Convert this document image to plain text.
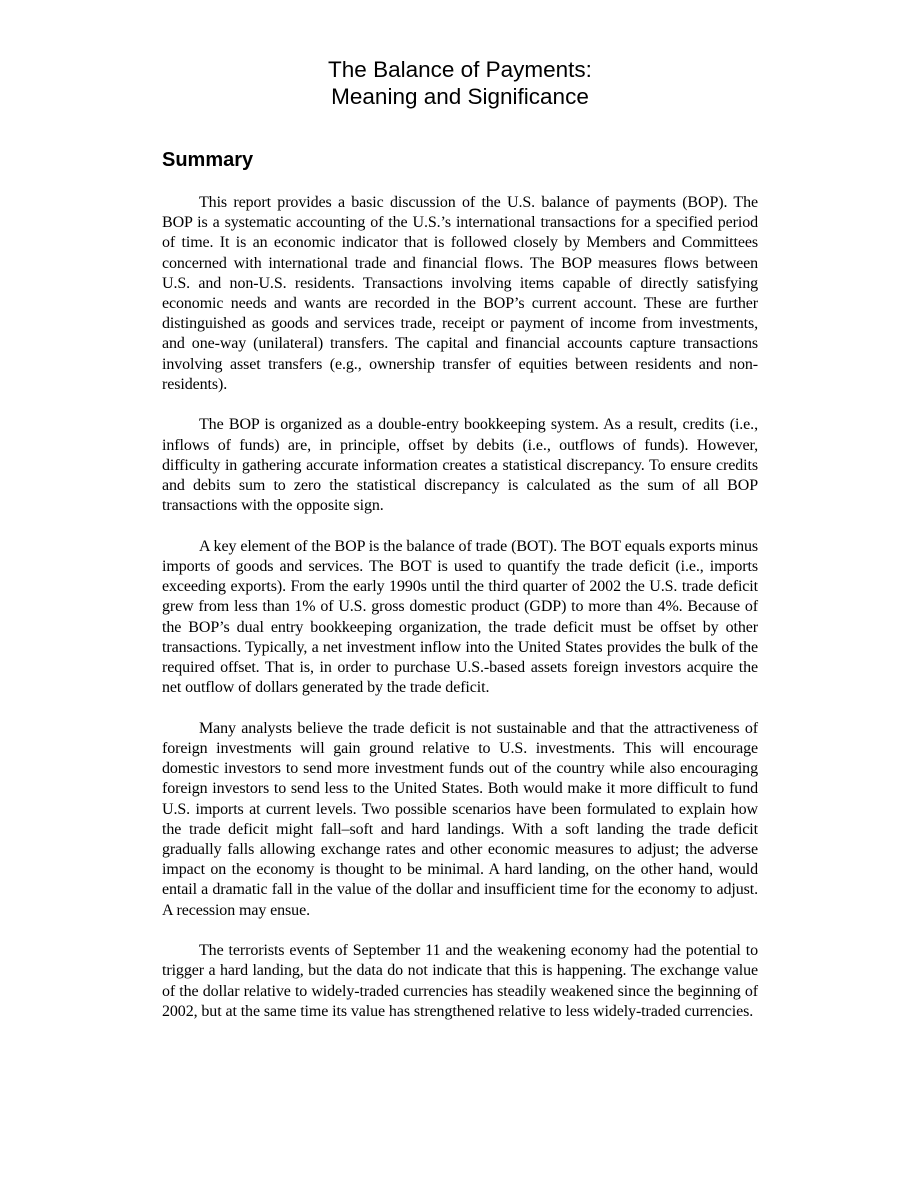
The Balance of Payments:
Meaning and Significance
Summary

This report provides a basic discussion of the U.S. balance of payments (BOP). The BOP is a systematic accounting of the U.S.’s international transactions for a specified period of time. It is an economic indicator that is followed closely by Members and Committees concerned with international trade and financial flows. The BOP measures flows between U.S. and non-U.S. residents. Transactions involving items capable of directly satisfying economic needs and wants are recorded in the BOP’s current account. These are further distinguished as goods and services trade, receipt or payment of income from investments, and one-way (unilateral) transfers. The capital and financial accounts capture transactions involving asset transfers (e.g., ownership transfer of equities between residents and non-residents).

The BOP is organized as a double-entry bookkeeping system. As a result, credits (i.e., inflows of funds) are, in principle, offset by debits (i.e., outflows of funds). However, difficulty in gathering accurate information creates a statistical discrepancy. To ensure credits and debits sum to zero the statistical discrepancy is calculated as the sum of all BOP transactions with the opposite sign.

A key element of the BOP is the balance of trade (BOT). The BOT equals exports minus imports of goods and services. The BOT is used to quantify the trade deficit (i.e., imports exceeding exports). From the early 1990s until the third quarter of 2002 the U.S. trade deficit grew from less than 1% of U.S. gross domestic product (GDP) to more than 4%. Because of the BOP’s dual entry bookkeeping organization, the trade deficit must be offset by other transactions. Typically, a net investment inflow into the United States provides the bulk of the required offset. That is, in order to purchase U.S.-based assets foreign investors acquire the net outflow of dollars generated by the trade deficit.

Many analysts believe the trade deficit is not sustainable and that the attractiveness of foreign investments will gain ground relative to U.S. investments. This will encourage domestic investors to send more investment funds out of the country while also encouraging foreign investors to send less to the United States. Both would make it more difficult to fund U.S. imports at current levels. Two possible scenarios have been formulated to explain how the trade deficit might fall–soft and hard landings. With a soft landing the trade deficit gradually falls allowing exchange rates and other economic measures to adjust; the adverse impact on the economy is thought to be minimal. A hard landing, on the other hand, would entail a dramatic fall in the value of the dollar and insufficient time for the economy to adjust. A recession may ensue.

The terrorists events of September 11 and the weakening economy had the potential to trigger a hard landing, but the data do not indicate that this is happening. The exchange value of the dollar relative to widely-traded currencies has steadily weakened since the beginning of 2002, but at the same time its value has strengthened relative to less widely-traded currencies.
